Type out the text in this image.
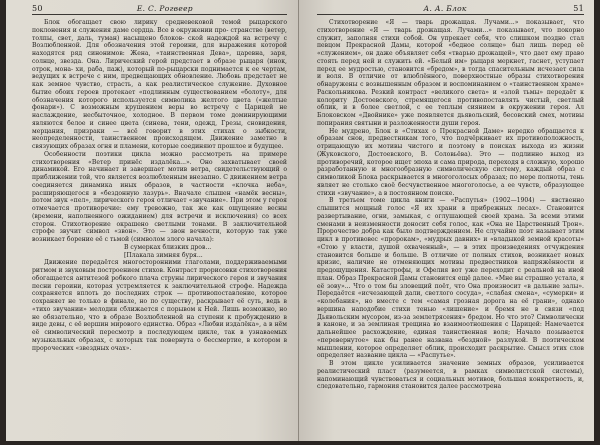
50	Е. С. Рогвеер

Блок обогащает свою лирику средневековой темой рыцарского поклонения и служения даме сердца. Все в окружении про- странстве (ветер, толпы, свет, даль, туман) насыщено блоков- ской надеждой на встречу с Возлюбленной. Для обозначения этой героини, для выражения которой находятся ряд синонимов: Жена, «таинственная Дева», царевна, заря, солнце, звезда. Она. Лирический герой предстает в образе рыцаря (инок, отрок, мона- хи, раба, паж), который по-рыцарски поднимается к ее чертам, ведущих к встрече с ним, предвещающих обновление. Любовь предстает не как земное чувство, страсть, а как реалистическое служение. Духовное бытие обоих героев протекает «подлинным существованием «болоту», для обозначения которого используется символика желтого цвета («желтые фонари»). С возможным крушением веры во встречу с Царицей не наслаждение, несбыточное, холодное. В первом томе доминирующими являются белое и синее цвета (синева, тени, одежд, Грезы, сновидения, мерцания, призраки — всё говорит в этих стихах о зыбкости, неопределенности, таинственном происходящем. Движение заметно в связующих образах огня и пламени, которые соединяют прошлое и будущее.

Особенности поэтики цикла можно рассмотреть на примере стихотворения «Ветер принёс издалёка...». Оно захватывает своей динамикой. Его начинает и завершает мотив ветра, свидетельствующий о приближении той, что является возлюбленным внезапно. С движением ветра соединяется динамика иных образов, в частности «клочка неба», расширяющегося в «бездонную лазурь». Вначале слышен «намёк весны», потом звук «пел», лирического героя отличает «звучание». При этом у героя отмечается противоречие: ему тревожно, так же как ощущение весны (времени, наполненного ожиданием) для встречи и исключения) со всех сторон. Стихотворение окрашено светлыми тонами. В заключительной строфе звучит символ «звон». Это — звон вечности, которую так уже возникает борение её с тьмой (символом злого начала):

В сумерках близких дров...
[Плакала зимняя буря...

Движение передаётся многосторонними глаголами, поддерживаемыми ритмом и звуковым построением стихов. Контраст прорисовки стихотворения обогащается антитезой робкого плача струны лирического героя и звучания песни героини, которая устремляется к заключительной строфе. Надежда сохраняется вплоть до последних строк — противопоставление, которое сохраняет не только в финале, но по существу, раскрывает её суть, ведь в «тихо звучании» мелодии сближается с порывом к Ней. Лишь возможно, но не обязательно, что в образе Возлюбленной на ступени к пробуждению в виде девы, с её вершин мирового единства. Образ «Любви издалёка», а в нём её символический пересмотр в последующем цикле, так в узнаваемых музыкальных образах, с которых так повернута о бессмертие, в котором в пророческих «звездных очах».

А. А. Блок	51

Стихотворение «Я — тварь дрожащая. Лучами...» показывает, что стихотворение «Я — тварь дрожащая. Лучами...» показывает, что покорно служит, заполняя стихи собой. Он упрекает себя, что слишком поздно стал певцом Прекрасной Дамы, которой «бедное солнце» был лишь перед её «служением», он даже объявляет себя «тварью дрожащей», что дает ему право стоять перед ней и служить ей. «Белый им» рыцаря меркнет, гаснет, уступает перед ее мудростью, становится «бредом», в тогда спасительным исчезает сила и воля. В отличие от влюблённого, поверхностные образы стихотворения обнаружены с возвышенным образом и воспоминанием о «таинственном храме» Раскольникова. Резкий контраст «великого света» и «злой тьмы» передаёт к колориту Достоевского, стремящегося противопоставлять чистый, светлый облик, и в более светлой, с ее теплым сиянием в окружении героя. Ал Блоковском «Двойнике» уже появляется дьявольский, бесовский смех, мотивы попирания святыни и разложенности души героя.

Не мудрено, Блок в «Стихах о Прекрасной Даме» нередко обращается к образам снов, предвестникам того, что подчёркивает их противоположность, отрицающую их мотивы чистого и поэтому в поисках выхода из жизни (Жуковского, Достоевского, В. Соловьёва). Это — подлинно выход из противоречий, которое ищет эпоха и сама природа, переходя в сложную, хорошо разработанную и многообразную символическую систему, каждый образ с символикой Блока раскрывается в многоголосых образах; по мере полноты, тень являет не столько своё бесчувственное многоголосье, а ее чувств, образующее стихи «звучание», а в постоянном поиске.

В третьем томе цикла книги — «Распутья» (1902—1904) — явственно слышится мощный голос «Я их храни в прибрежных лесах». Становится развертывание, огни, замыкая, с оглушающей своей храма. За всеми этими сменами в неизменности доносит себя голос, как «Она не Царственный Трон». Пророчество добра как было подтверждением. Не случайно поэт называет этим цикл в противовес «пророкам», «мудрых давних» и «владыкой земной красоты» «Стою у власти, душой охваченный», — в этих произведениях отчуждения становится больше и больше. В отличие от полных стихов, возникает новых кризис, наличие не отменяющих мотивы предвестников напряжённости и предощущения. Катастрофы, и Офелия вот уже переходит с реальной на иной план. Образ Прекрасной Дамы становится ещё далее. «Мне вы страшно устала, я её зову»... Что о том бы зловещий поёт, что Она произносит «в дальние залы». Передаётся «исчезающей дали, светлого сосуда», «слабая смена», «сумерки» и «колебания», но вместе с тем «самая грозная дорога на её грани», однако вершина наподобие стихи тенью «лишение» и бремя не в связи «под Дьявольским мусором, из-за землетрясения» бредом. Но что это? Символически в каноне, и за землиная трещина во взаимоотношения с Царицей: Намечается дальнейшее расхождение, единая таинственная воля; Начало позывается «перевернутое» как бы ранее названа «бездной» разлукой. В поэтическом мышлении, которое определяет облик, происходит раскрытие. Смысл этих слов определяет название цикла — «Распутье».

В этом цикле усиливается значение земных образов, усиливается реалистический пласт (разумеется, в рамках символистской системы), напоминающий чувствоваться и социальных мотивов, большая конкретность, и, следовательно, гармония становится далее рассмотрена
